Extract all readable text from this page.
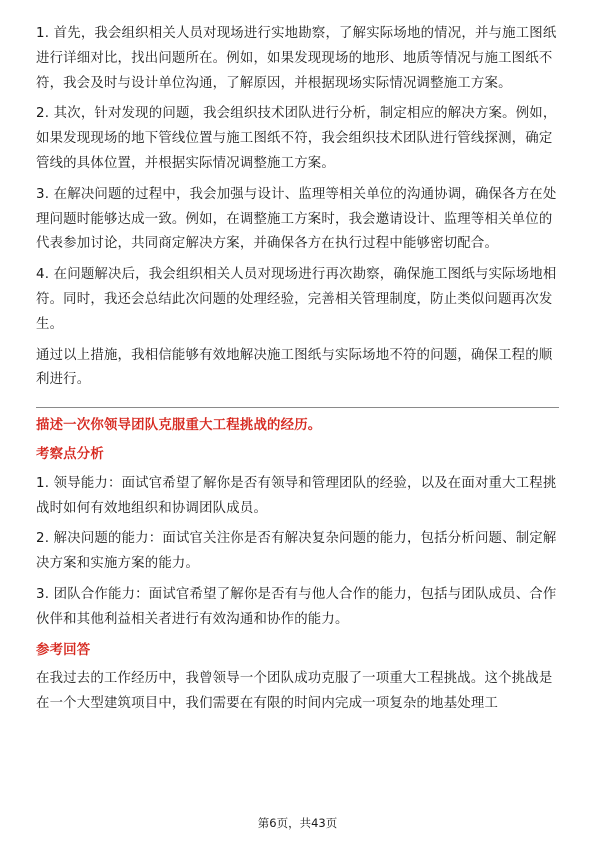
1. 首先，我会组织相关人员对现场进行实地勘察，了解实际场地的情况，并与施工图纸进行详细对比，找出问题所在。例如，如果发现现场的地形、地质等情况与施工图纸不符，我会及时与设计单位沟通，了解原因，并根据现场实际情况调整施工方案。

2. 其次，针对发现的问题，我会组织技术团队进行分析，制定相应的解决方案。例如，如果发现现场的地下管线位置与施工图纸不符，我会组织技术团队进行管线探测，确定管线的具体位置，并根据实际情况调整施工方案。

3. 在解决问题的过程中，我会加强与设计、监理等相关单位的沟通协调，确保各方在处理问题时能够达成一致。例如，在调整施工方案时，我会邀请设计、监理等相关单位的代表参加讨论，共同商定解决方案，并确保各方在执行过程中能够密切配合。

4. 在问题解决后，我会组织相关人员对现场进行再次勘察，确保施工图纸与实际场地相符。同时，我还会总结此次问题的处理经验，完善相关管理制度，防止类似问题再次发生。

通过以上措施，我相信能够有效地解决施工图纸与实际场地不符的问题，确保工程的顺利进行。

描述一次你领导团队克服重大工程挑战的经历。

考察点分析

1. 领导能力：面试官希望了解你是否有领导和管理团队的经验，以及在面对重大工程挑战时如何有效地组织和协调团队成员。

2. 解决问题的能力：面试官关注你是否有解决复杂问题的能力，包括分析问题、制定解决方案和实施方案的能力。

3. 团队合作能力：面试官希望了解你是否有与他人合作的能力，包括与团队成员、合作伙伴和其他利益相关者进行有效沟通和协作的能力。

参考回答

在我过去的工作经历中，我曾领导一个团队成功克服了一项重大工程挑战。这个挑战是在一个大型建筑项目中，我们需要在有限的时间内完成一项复杂的地基处理工

第6页，共43页
